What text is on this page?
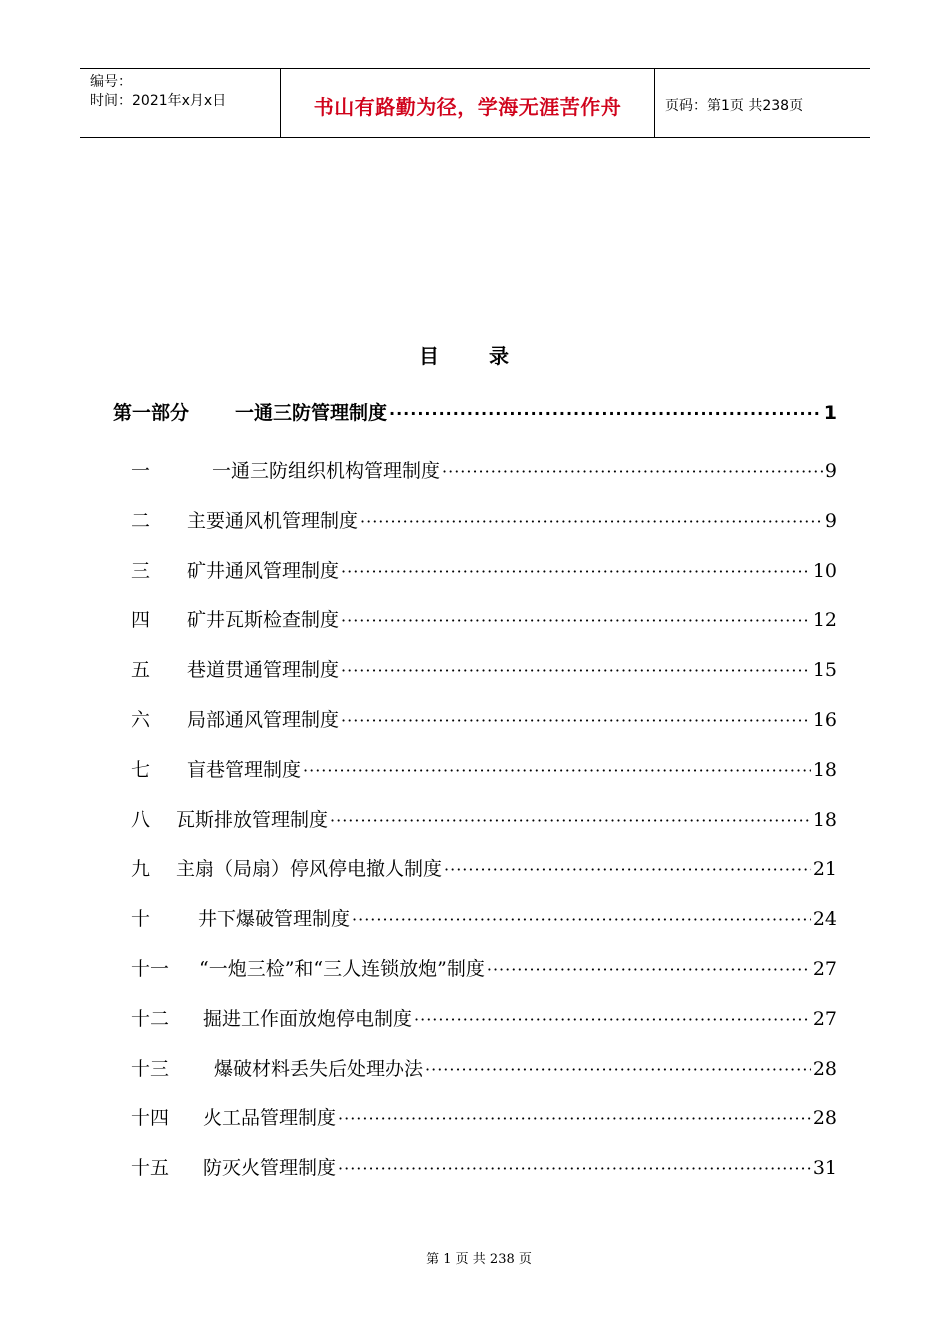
编号：
时间：2021年x月x日	书山有路勤为径，学海无涯苦作舟	页码：第1页 共238页
目录
第一部分	一通三防管理制度 ·····	1
一	一通三防组织机构管理制度 ·····	9
二	主要通风机管理制度 ·····	9
三	矿井通风管理制度 ·····	10
四	矿井瓦斯检查制度 ·····	12
五	巷道贯通管理制度 ·····	15
六	局部通风管理制度 ·····	16
七	盲巷管理制度 ·····	18
八	瓦斯排放管理制度 ·····	18
九	主扇（局扇）停风停电撤人制度 ·····	21
十	井下爆破管理制度 ·····	24
十一	“一炮三检”和“三人连锁放炮”制度 ·····	27
十二	掘进工作面放炮停电制度 ·····	27
十三	爆破材料丢失后处理办法 ·····	28
十四	火工品管理制度 ·····	28
十五	防灭火管理制度 ·····	31
第 1 页 共 238 页
